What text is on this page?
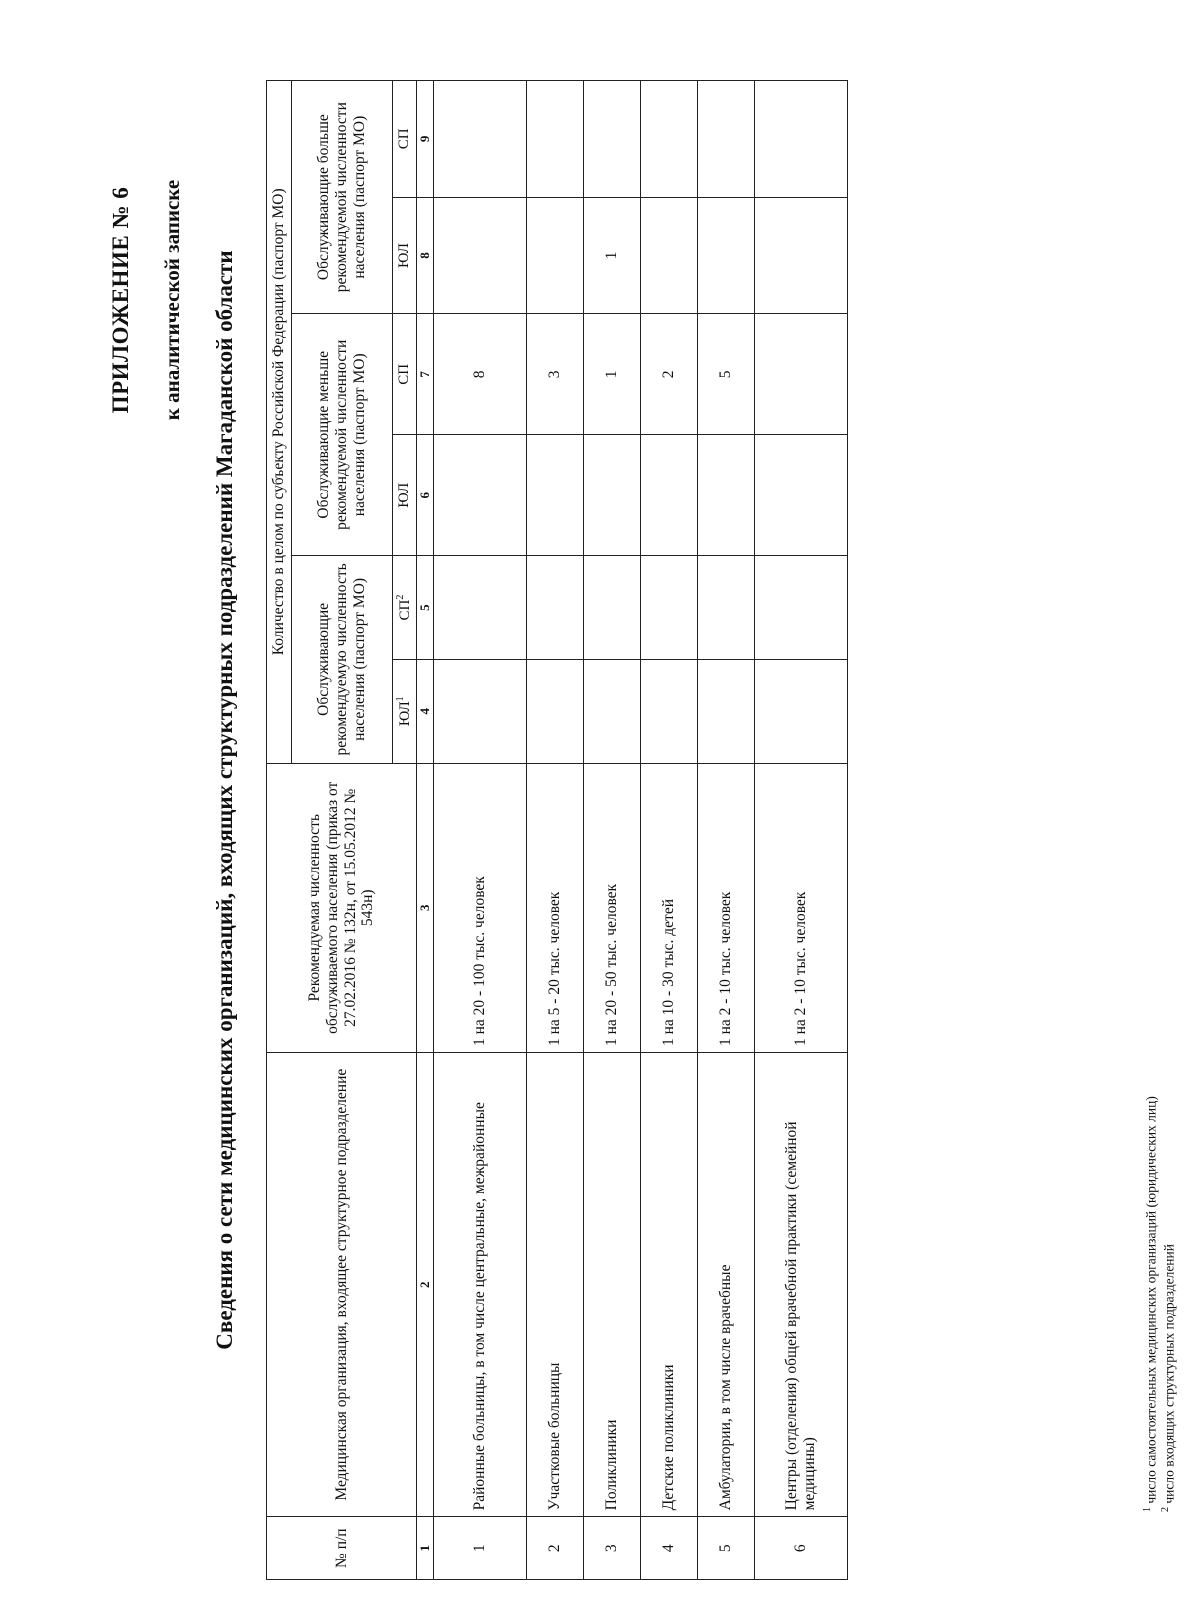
ПРИЛОЖЕНИЕ № 6 к аналитической записке Сведения о сети медицинских организаций, входящих структурных подразделений Магаданской области
№ п/п	Медицинская организация, входящее структурное подразделение	Рекомендуемая численность обслуживаемого населения (приказ от 27.02.2016 № 132н, от 15.05.2012 № 543н)	Количество в целом по субъекту Российской Федерации (паспорт МО)					
			Обслуживающие рекомендуемую численность населения (паспорт МО)		Обслуживающие меньше рекомендуемой численности населения (паспорт МО)		Обслуживающие больше рекомендуемой численности населения (паспорт МО)	
			$ЮЛ^1$	$СП^2$	ЮЛ	СП	ЮЛ	СП
1	2	3	4	5	6	7	8	9
1	Районные больницы, в том числе центральные, межрайонные	1 на 20 - 100 тыс. человек				8		
2	Участковые больницы	1 на 5 - 20 тыс. человек				3		
3	Поликлиники	1 на 20 - 50 тыс. человек				1	1	
4	Детские поликлиники	1 на 10 - 30 тыс. детей				2		
5	Амбулатории, в том числе врачебные	1 на 2 - 10 тыс. человек				5		
6	Центры (отделения) общей врачебной практики (семейной медицины)	1 на 2 - 10 тыс. человек						
$^1$ число самостоятельных медицинских организаций (юридических лиц)
$^2$ число входящих структурных подразделений
